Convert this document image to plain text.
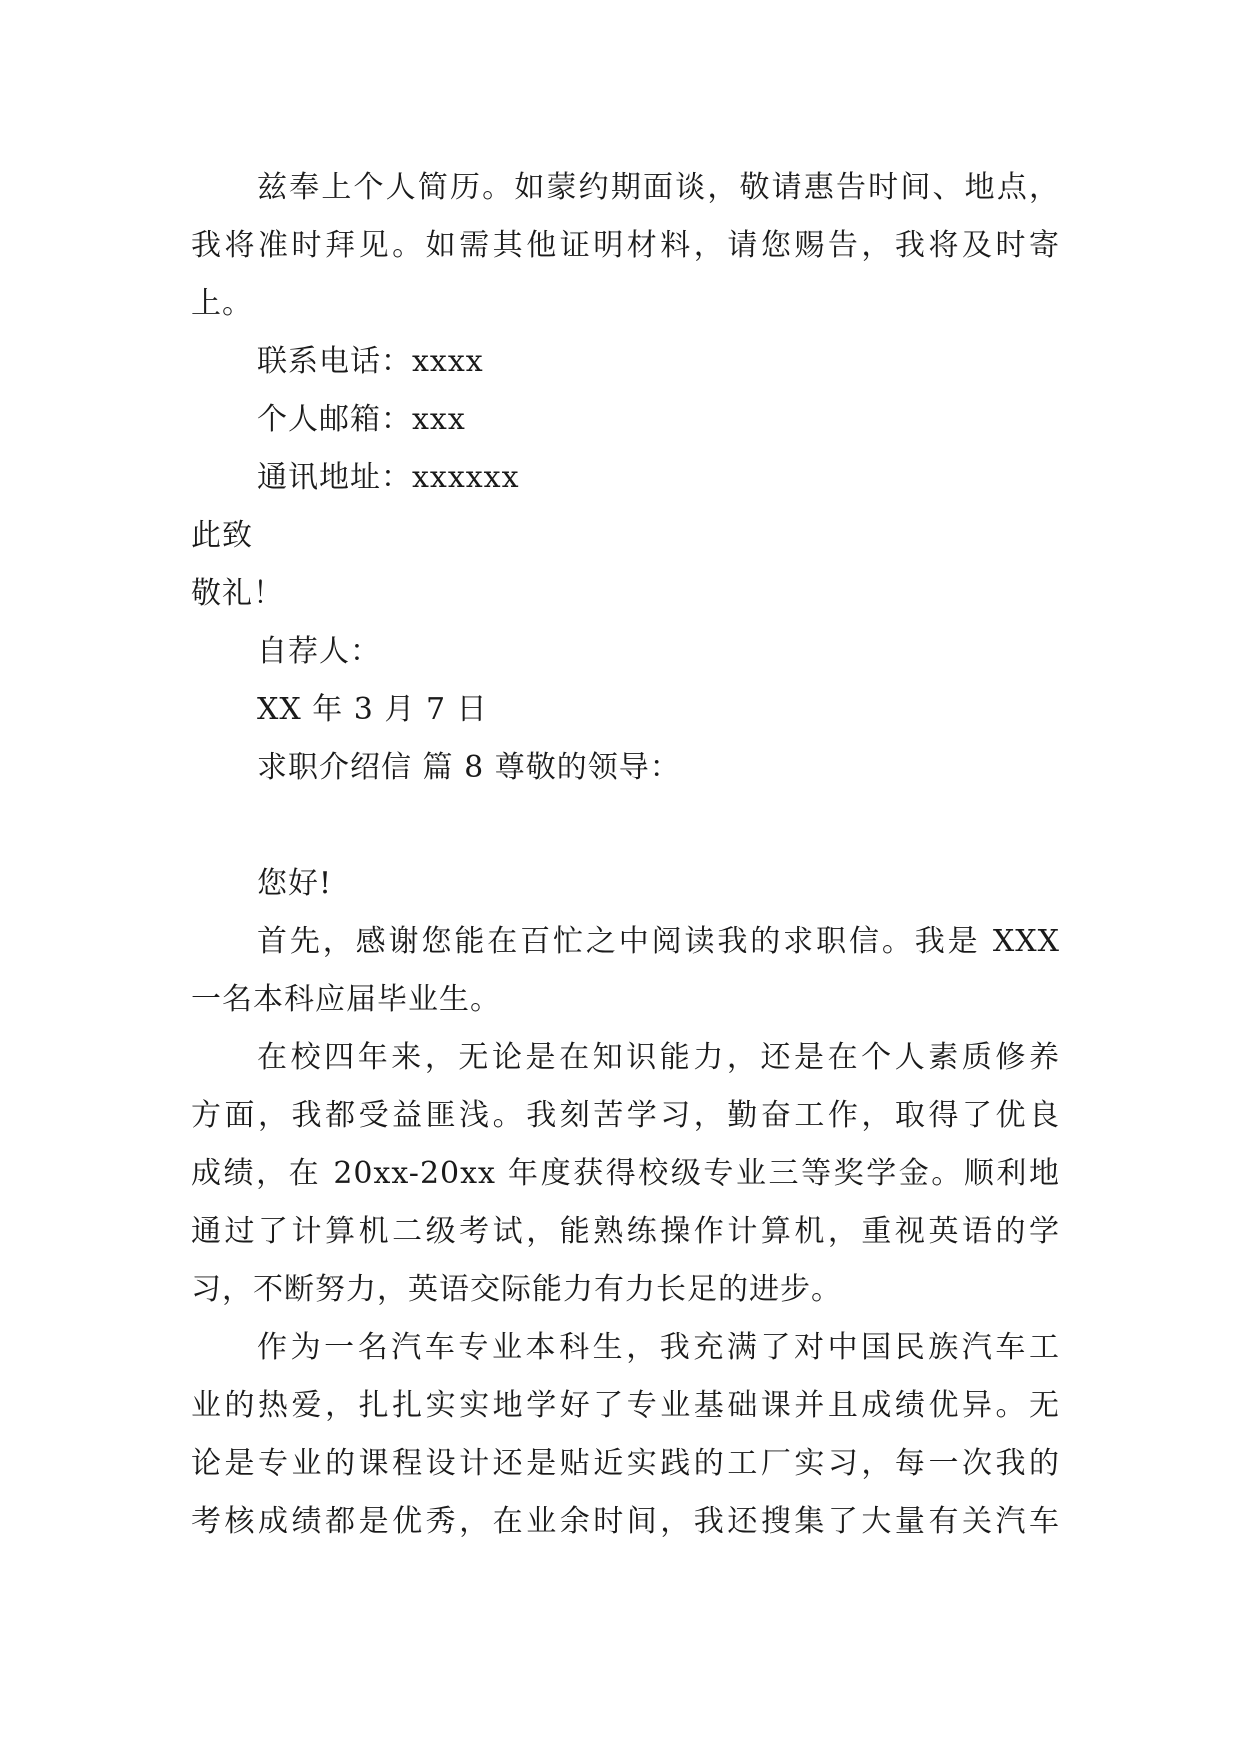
兹奉上个人简历。如蒙约期面谈，敬请惠告时间、地点，
我将准时拜见。如需其他证明材料，请您赐告，我将及时寄
上。
联系电话：xxxx
个人邮箱：xxx
通讯地址：xxxxxx
此致
敬礼！
自荐人：
XX 年 3 月 7 日
求职介绍信 篇 8 尊敬的领导：
您好!
首先，感谢您能在百忙之中阅读我的求职信。我是 XXX
一名本科应届毕业生。
在校四年来，无论是在知识能力，还是在个人素质修养
方面，我都受益匪浅。我刻苦学习，勤奋工作，取得了优良
成绩，在 20xx-20xx 年度获得校级专业三等奖学金。顺利地
通过了计算机二级考试，能熟练操作计算机，重视英语的学
习，不断努力，英语交际能力有力长足的进步。
作为一名汽车专业本科生，我充满了对中国民族汽车工
业的热爱，扎扎实实地学好了专业基础课并且成绩优异。无
论是专业的课程设计还是贴近实践的工厂实习，每一次我的
考核成绩都是优秀，在业余时间，我还搜集了大量有关汽车
